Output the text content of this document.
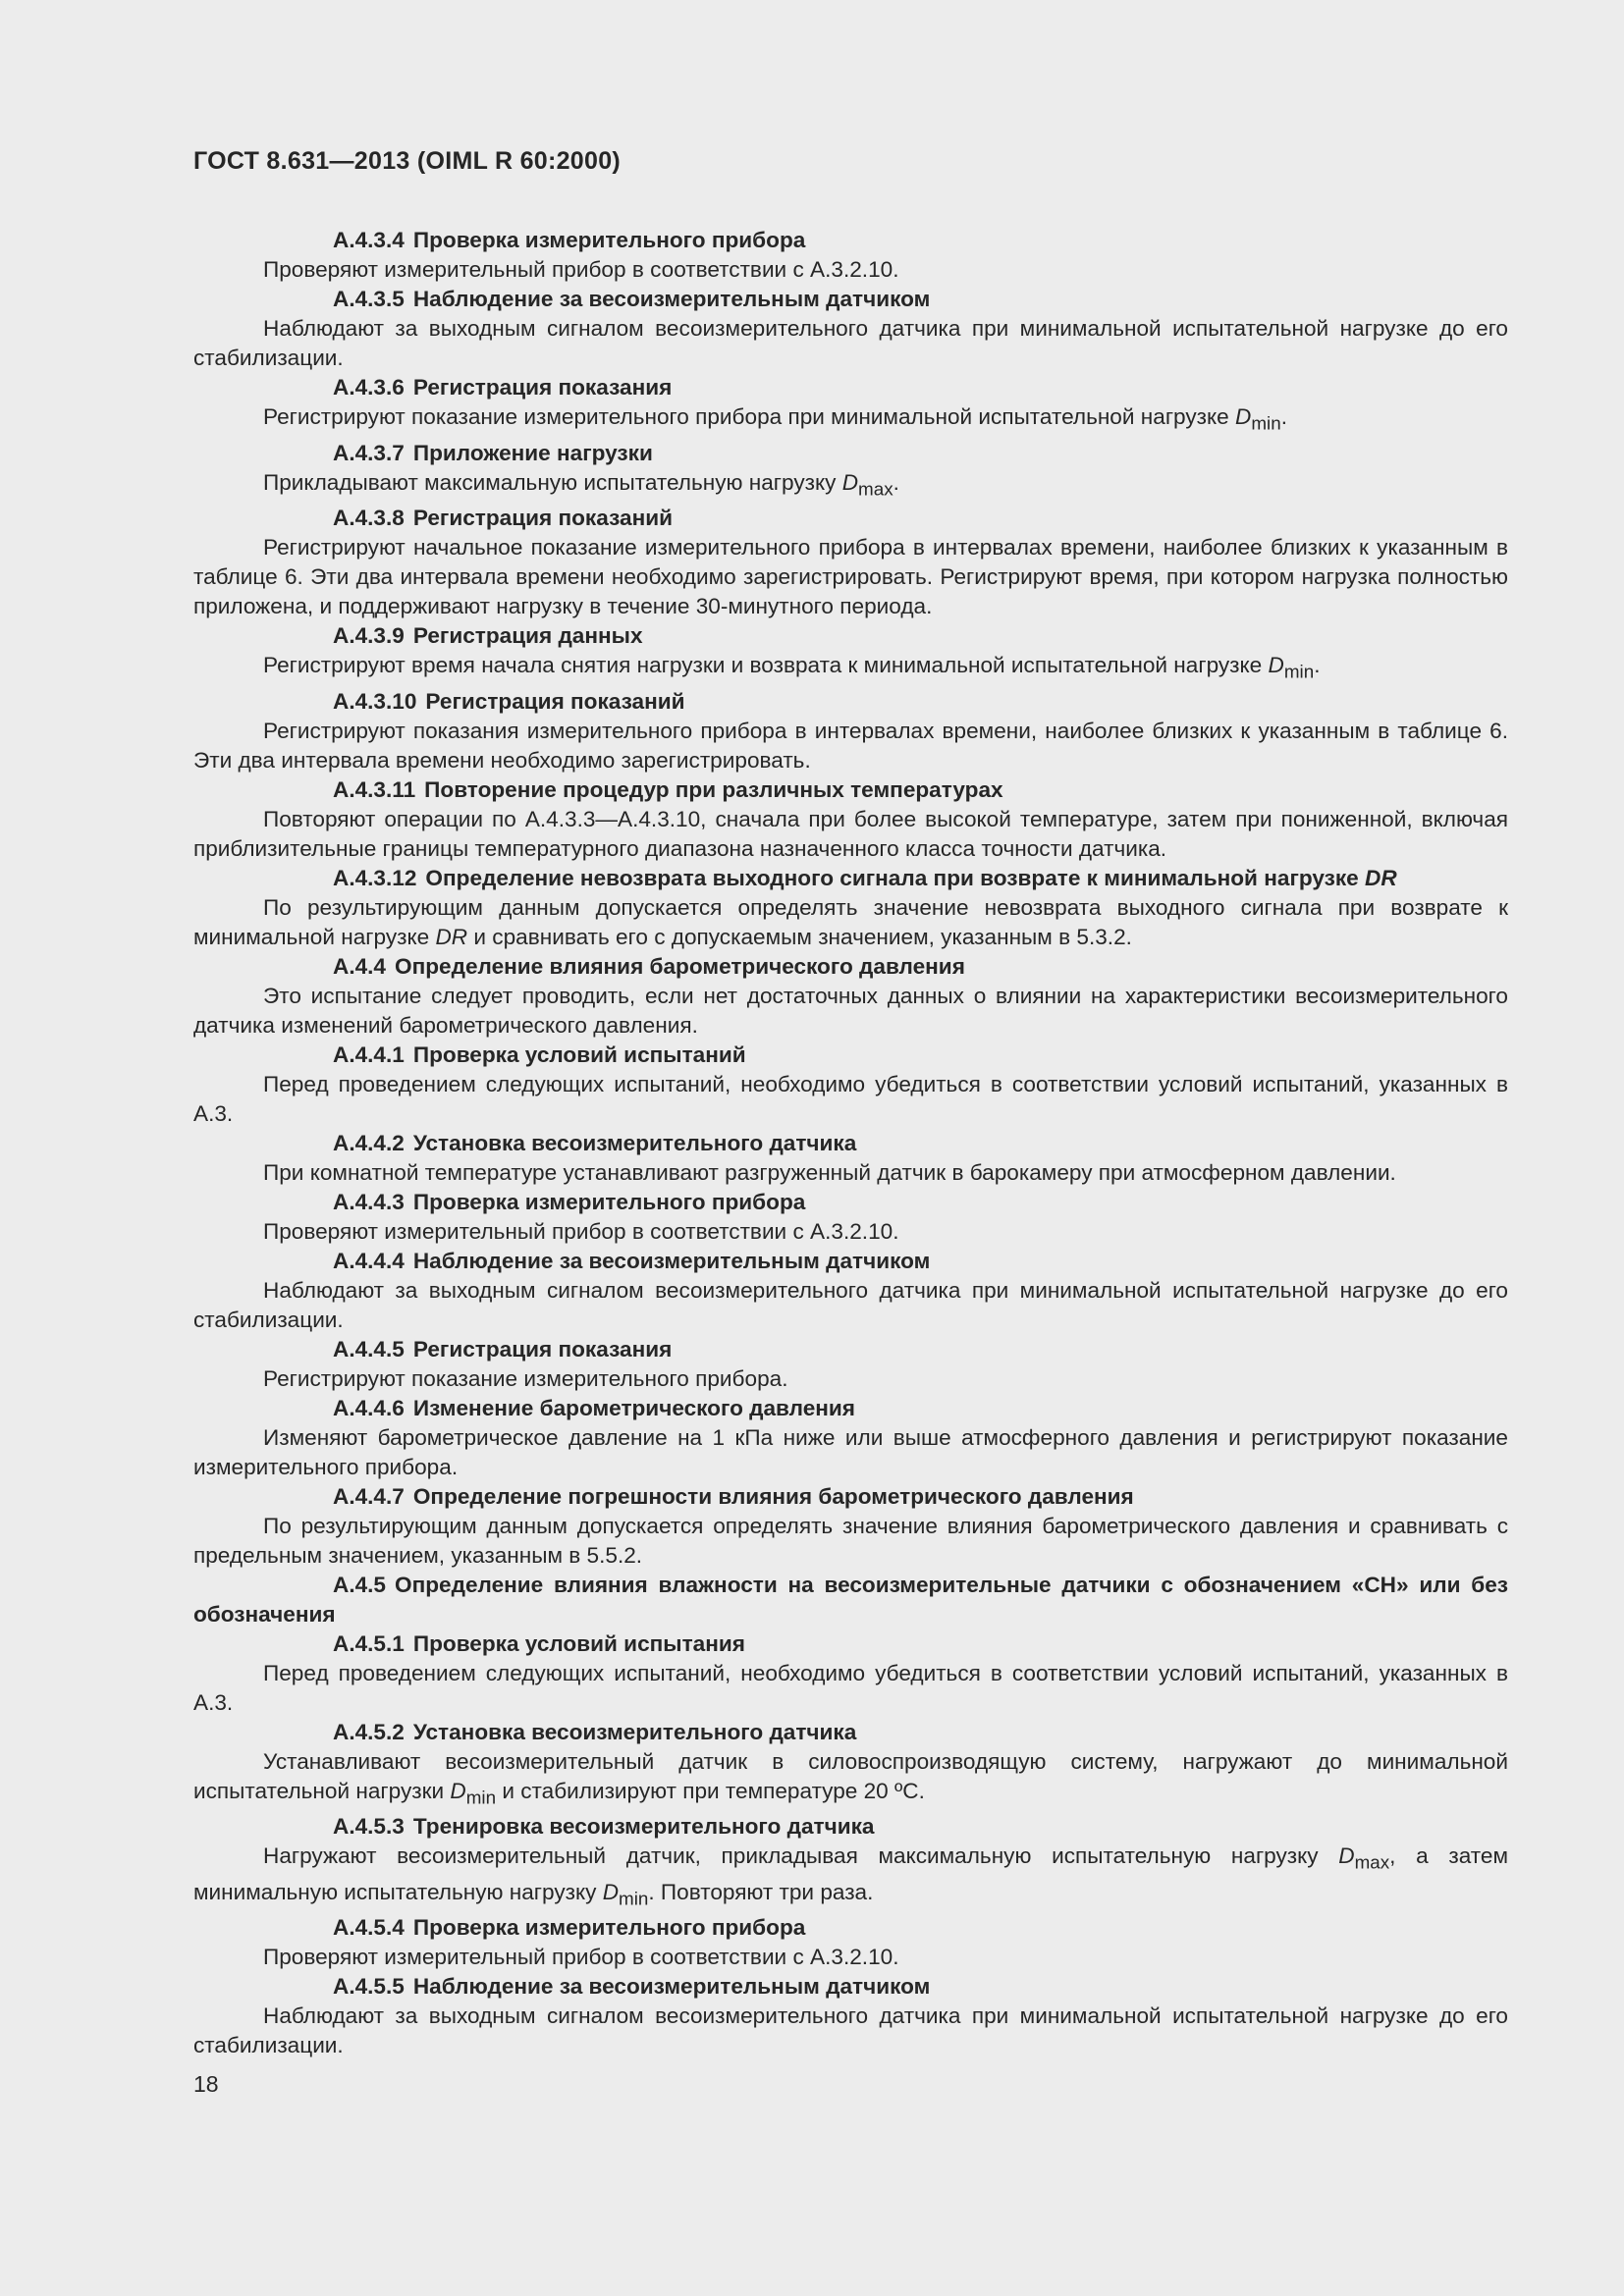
ГОСТ 8.631—2013 (OIML R 60:2000)

А.4.3.4 Проверка измерительного прибора

Проверяют измерительный прибор в соответствии с А.3.2.10.

А.4.3.5 Наблюдение за весоизмерительным датчиком

Наблюдают за выходным сигналом весоизмерительного датчика при минимальной испытательной нагрузке до его стабилизации.

А.4.3.6 Регистрация показания

Регистрируют показание измерительного прибора при минимальной испытательной нагрузке $D_{min}$.

А.4.3.7 Приложение нагрузки

Прикладывают максимальную испытательную нагрузку $D_{max}$.

А.4.3.8 Регистрация показаний

Регистрируют начальное показание измерительного прибора в интервалах времени, наиболее близких к указанным в таблице 6. Эти два интервала времени необходимо зарегистрировать. Регистрируют время, при котором нагрузка полностью приложена, и поддерживают нагрузку в течение 30-минутного периода.

А.4.3.9 Регистрация данных

Регистрируют время начала снятия нагрузки и возврата к минимальной испытательной нагрузке $D_{min}$.

А.4.3.10 Регистрация показаний

Регистрируют показания измерительного прибора в интервалах времени, наиболее близких к указанным в таблице 6. Эти два интервала времени необходимо зарегистрировать.

А.4.3.11 Повторение процедур при различных температурах

Повторяют операции по А.4.3.3—А.4.3.10, сначала при более высокой температуре, затем при пониженной, включая приблизительные границы температурного диапазона назначенного класса точности датчика.

А.4.3.12 Определение невозврата выходного сигнала при возврате к минимальной нагрузке DR

По результирующим данным допускается определять значение невозврата выходного сигнала при возврате к минимальной нагрузке DR и сравнивать его с допускаемым значением, указанным в 5.3.2.

А.4.4 Определение влияния барометрического давления

Это испытание следует проводить, если нет достаточных данных о влиянии на характеристики весоизмерительного датчика изменений барометрического давления.

А.4.4.1 Проверка условий испытаний

Перед проведением следующих испытаний, необходимо убедиться в соответствии условий испытаний, указанных в А.3.

А.4.4.2 Установка весоизмерительного датчика

При комнатной температуре устанавливают разгруженный датчик в барокамеру при атмосферном давлении.

А.4.4.3 Проверка измерительного прибора

Проверяют измерительный прибор в соответствии с А.3.2.10.

А.4.4.4 Наблюдение за весоизмерительным датчиком

Наблюдают за выходным сигналом весоизмерительного датчика при минимальной испытательной нагрузке до его стабилизации.

А.4.4.5 Регистрация показания

Регистрируют показание измерительного прибора.

А.4.4.6 Изменение барометрического давления

Изменяют барометрическое давление на 1 кПа ниже или выше атмосферного давления и регистрируют показание измерительного прибора.

А.4.4.7 Определение погрешности влияния барометрического давления

По результирующим данным допускается определять значение влияния барометрического давления и сравнивать с предельным значением, указанным в 5.5.2.

А.4.5 Определение влияния влажности на весоизмерительные датчики с обозначением «СН» или без обозначения

А.4.5.1 Проверка условий испытания

Перед проведением следующих испытаний, необходимо убедиться в соответствии условий испытаний, указанных в А.3.

А.4.5.2 Установка весоизмерительного датчика

Устанавливают весоизмерительный датчик в силовоспроизводящую систему, нагружают до минимальной испытательной нагрузки $D_{min}$ и стабилизируют при температуре 20 ºС.

А.4.5.3 Тренировка весоизмерительного датчика

Нагружают весоизмерительный датчик, прикладывая максимальную испытательную нагрузку $D_{max}$, а затем минимальную испытательную нагрузку $D_{min}$. Повторяют три раза.

А.4.5.4 Проверка измерительного прибора

Проверяют измерительный прибор в соответствии с А.3.2.10.

А.4.5.5 Наблюдение за весоизмерительным датчиком

Наблюдают за выходным сигналом весоизмерительного датчика при минимальной испытательной нагрузке до его стабилизации.

18
